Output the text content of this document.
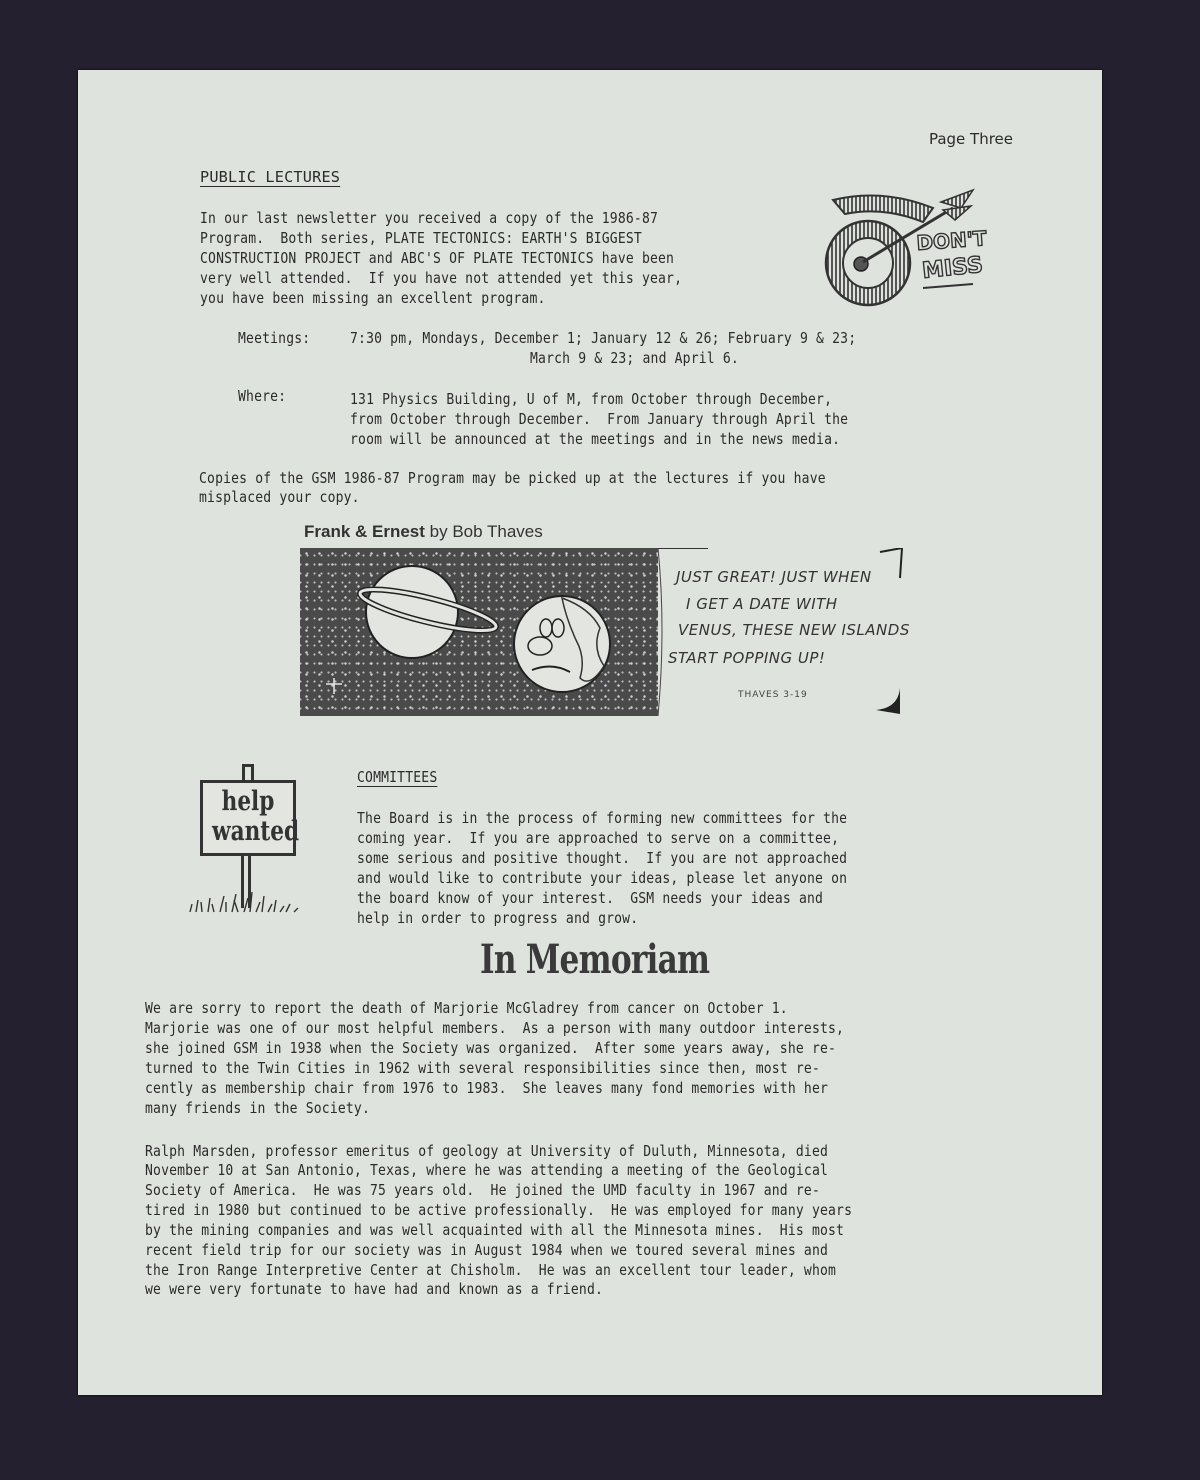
Page Three
PUBLIC LECTURES
In our last newsletter you received a copy of the 1986-87
Program.  Both series, PLATE TECTONICS: EARTH'S BIGGEST
CONSTRUCTION PROJECT and ABC'S OF PLATE TECTONICS have been
very well attended.  If you have not attended yet this year,
you have been missing an excellent program.
DON'T
MISS
Meetings:	7:30 pm, Mondays, December 1; January 12 & 26; February 9 & 23;
March 9 & 23; and April 6.
Where:	131 Physics Building, U of M, from October through December,
from October through December.  From January through April the
room will be announced at the meetings and in the news media.
Copies of the GSM 1986-87 Program may be picked up at the lectures if you have
misplaced your copy.
Frank & Ernest by Bob Thaves
JUST GREAT! JUST WHEN
I GET A DATE WITH
VENUS, THESE NEW ISLANDS
START POPPING UP!
THAVES 3-19
help
wanted
COMMITTEES
The Board is in the process of forming new committees for the
coming year.  If you are approached to serve on a committee,
some serious and positive thought.  If you are not approached
and would like to contribute your ideas, please let anyone on
the board know of your interest.  GSM needs your ideas and
help in order to progress and grow.
In Memoriam
We are sorry to report the death of Marjorie McGladrey from cancer on October 1.
Marjorie was one of our most helpful members.  As a person with many outdoor interests,
she joined GSM in 1938 when the Society was organized.  After some years away, she re-
turned to the Twin Cities in 1962 with several responsibilities since then, most re-
cently as membership chair from 1976 to 1983.  She leaves many fond memories with her
many friends in the Society.
Ralph Marsden, professor emeritus of geology at University of Duluth, Minnesota, died
November 10 at San Antonio, Texas, where he was attending a meeting of the Geological
Society of America.  He was 75 years old.  He joined the UMD faculty in 1967 and re-
tired in 1980 but continued to be active professionally.  He was employed for many years
by the mining companies and was well acquainted with all the Minnesota mines.  His most
recent field trip for our society was in August 1984 when we toured several mines and
the Iron Range Interpretive Center at Chisholm.  He was an excellent tour leader, whom
we were very fortunate to have had and known as a friend.
